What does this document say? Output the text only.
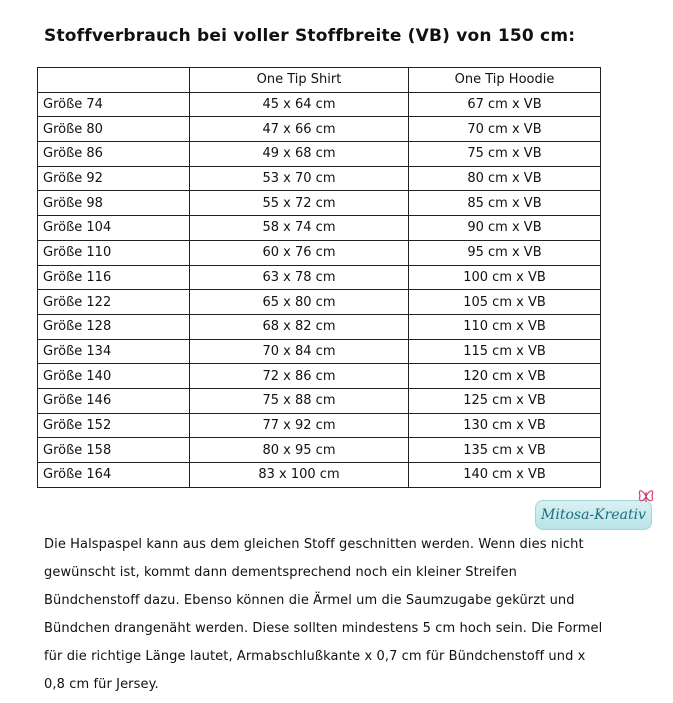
Stoffverbrauch bei voller Stoffbreite (VB) von 150 cm:
	One Tip Shirt	One Tip Hoodie
Größe 74	45 x 64 cm	67 cm x VB
Größe 80	47 x 66 cm	70 cm x VB
Größe 86	49 x 68 cm	75 cm x VB
Größe 92	53 x 70 cm	80 cm x VB
Größe 98	55 x 72 cm	85 cm x VB
Größe 104	58 x 74 cm	90 cm x VB
Größe 110	60 x 76 cm	95 cm x VB
Größe 116	63 x 78 cm	100 cm x VB
Größe 122	65 x 80 cm	105 cm x VB
Größe 128	68 x 82 cm	110 cm x VB
Größe 134	70 x 84 cm	115 cm x VB
Größe 140	72 x 86 cm	120 cm x VB
Größe 146	75 x 88 cm	125 cm x VB
Größe 152	77 x 92 cm	130 cm x VB
Größe 158	80 x 95 cm	135 cm x VB
Größe 164	83 x 100 cm	140 cm x VB
Mitosa-Kreativ
Die Halspaspel kann aus dem gleichen Stoff geschnitten werden. Wenn dies nicht
gewünscht ist, kommt dann dementsprechend noch ein kleiner Streifen
Bündchenstoff dazu. Ebenso können die Ärmel um die Saumzugabe gekürzt und
Bündchen drangenäht werden. Diese sollten mindestens 5 cm hoch sein. Die Formel
für die richtige Länge lautet, Armabschlußkante x 0,7 cm für Bündchenstoff und x
0,8 cm für Jersey.
